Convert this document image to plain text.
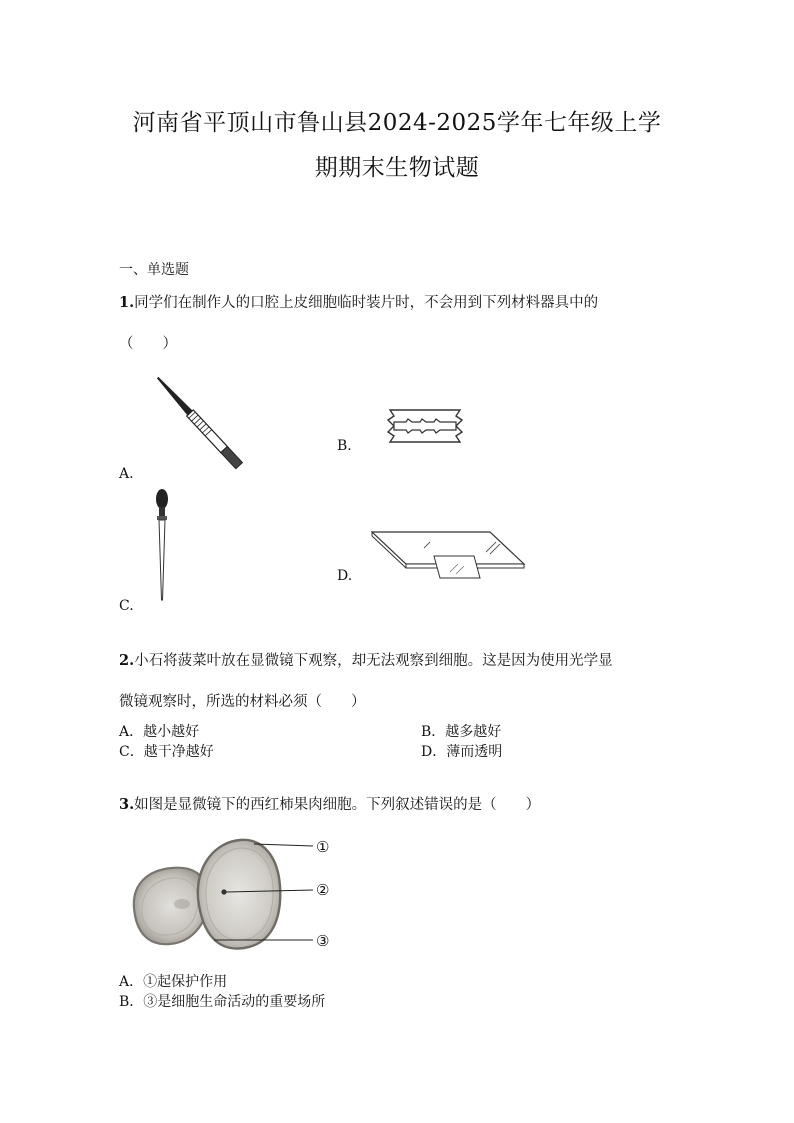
河南省平顶山市鲁山县2024-2025学年七年级上学
期期末生物试题
一、单选题
1.同学们在制作人的口腔上皮细胞临时装片时，不会用到下列材料器具中的
（　　）
A.
B.
C.
D.
2.小石将菠菜叶放在显微镜下观察，却无法观察到细胞。这是因为使用光学显
微镜观察时，所选的材料必须（　　）
A．越小越好	B．越多越好
C．越干净越好	D．薄而透明
3.如图是显微镜下的西红柿果肉细胞。下列叙述错误的是（　　）
①
②
③
A．①起保护作用
B．③是细胞生命活动的重要场所
